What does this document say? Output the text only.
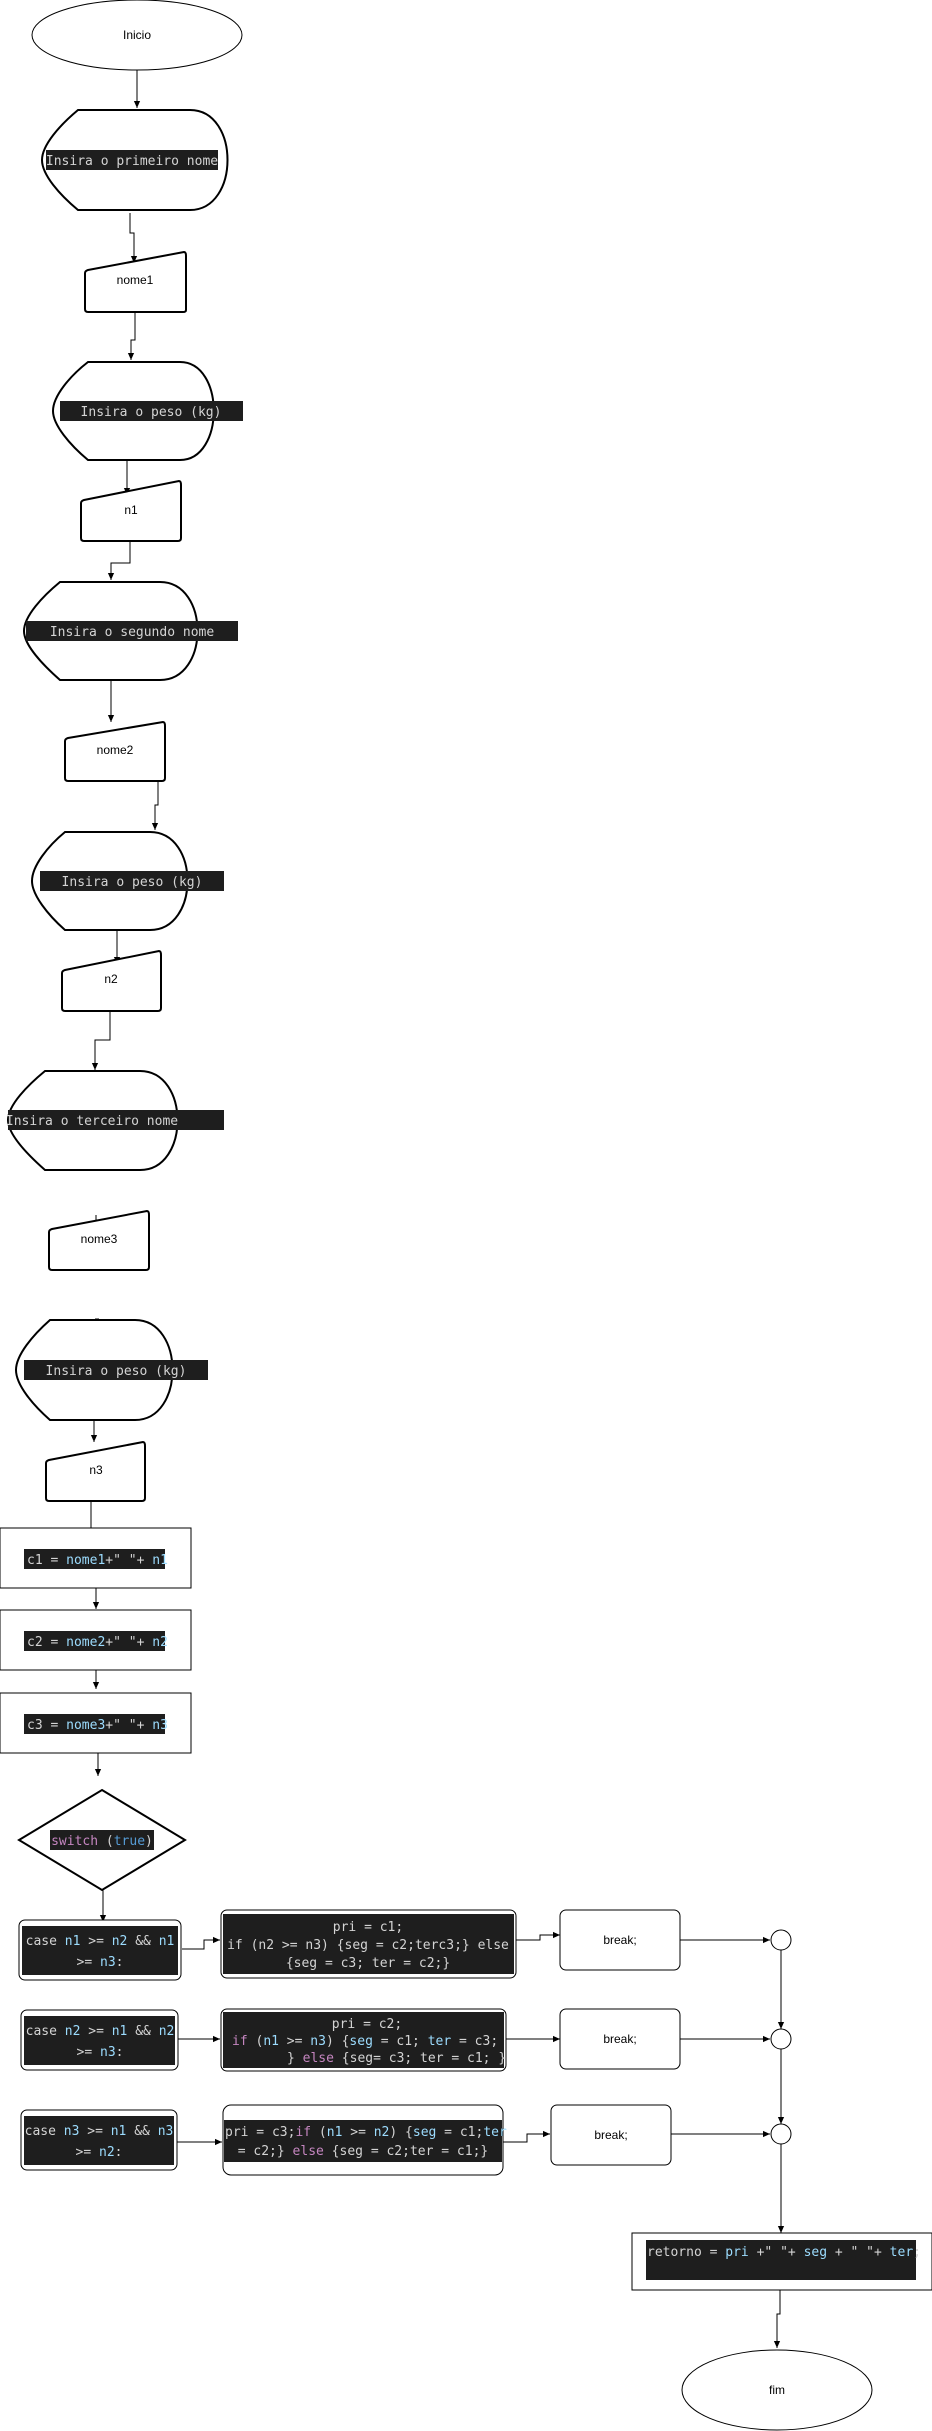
Inicio
Insira o primeiro nome
nome1
Insira o peso (kg)
n1
Insira o segundo nome
nome2
Insira o peso (kg)
n2
Insira o terceiro nome
nome3
Insira o peso (kg)
n3
c1 = nome1+" "+ n1
c2 = nome2+" "+ n2
c3 = nome3+" "+ n3
switch (true)
case n1 >= n2 && n1
>= n3:
pri = c1;
if (n2 >= n3) {seg = c2;terc3;} else
{seg = c3; ter = c2;}
break;
case n2 >= n1 && n2
>= n3:
pri = c2;
if (n1 >= n3) {seg = c1; ter = c3;
} else {seg= c3; ter = c1; }
break;
case n3 >= n1 && n3
>= n2:
pri = c3;if (n1 >= n2) {seg = c1;ter
= c2;} else {seg = c2;ter = c1;}
break;
retorno = pri +" "+ seg + " "+ ter;
fim
